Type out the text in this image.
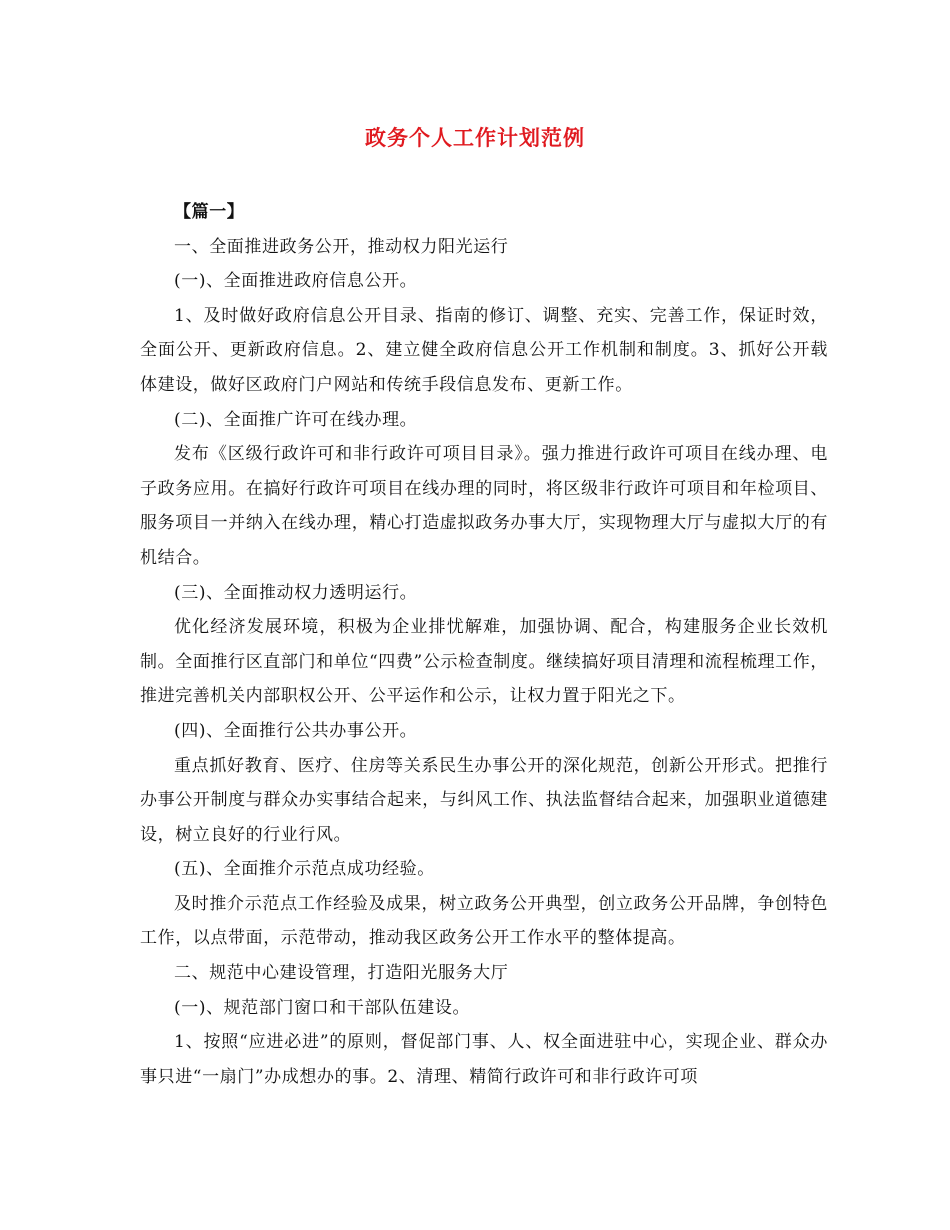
政务个人工作计划范例

【篇一】

一、全面推进政务公开，推动权力阳光运行

(一)、全面推进政府信息公开。

1、及时做好政府信息公开目录、指南的修订、调整、充实、完善工作，保证时效，全面公开、更新政府信息。2、建立健全政府信息公开工作机制和制度。3、抓好公开载体建设，做好区政府门户网站和传统手段信息发布、更新工作。

(二)、全面推广许可在线办理。

发布《区级行政许可和非行政许可项目目录》。强力推进行政许可项目在线办理、电子政务应用。在搞好行政许可项目在线办理的同时，将区级非行政许可项目和年检项目、服务项目一并纳入在线办理，精心打造虚拟政务办事大厅，实现物理大厅与虚拟大厅的有机结合。

(三)、全面推动权力透明运行。

优化经济发展环境，积极为企业排忧解难，加强协调、配合，构建服务企业长效机制。全面推行区直部门和单位“四费”公示检查制度。继续搞好项目清理和流程梳理工作，推进完善机关内部职权公开、公平运作和公示，让权力置于阳光之下。

(四)、全面推行公共办事公开。

重点抓好教育、医疗、住房等关系民生办事公开的深化规范，创新公开形式。把推行办事公开制度与群众办实事结合起来，与纠风工作、执法监督结合起来，加强职业道德建设，树立良好的行业行风。

(五)、全面推介示范点成功经验。

及时推介示范点工作经验及成果，树立政务公开典型，创立政务公开品牌，争创特色工作，以点带面，示范带动，推动我区政务公开工作水平的整体提高。

二、规范中心建设管理，打造阳光服务大厅

(一)、规范部门窗口和干部队伍建设。

1、按照“应进必进”的原则，督促部门事、人、权全面进驻中心，实现企业、群众办事只进“一扇门”办成想办的事。2、清理、精简行政许可和非行政许可项
